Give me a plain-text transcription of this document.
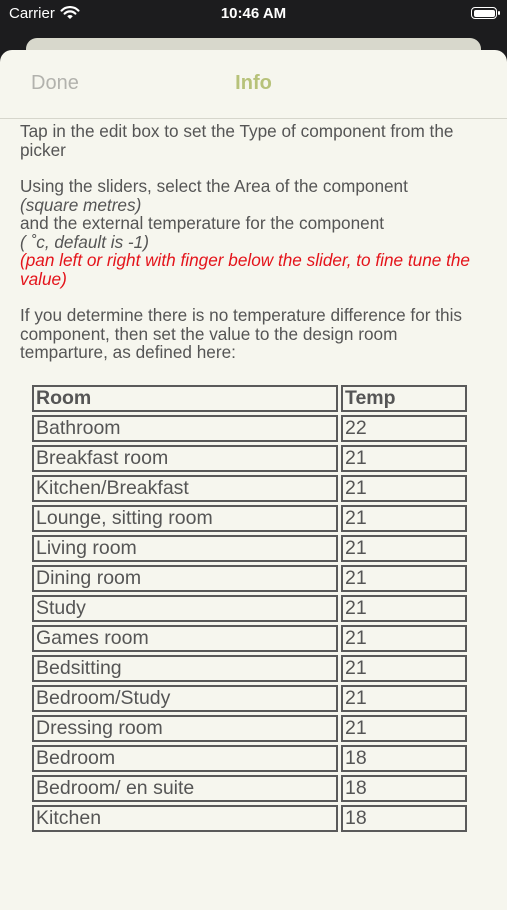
Carrier	10:46 AM
Done	Info
Tap in the edit box to set the Type of component from the picker
Using the sliders, select the Area of the component
(square metres)
and the external temperature for the component
( ˚c, default is -1)
(pan left or right with finger below the slider, to fine tune the value)
If you determine there is no temperature difference for this component, then set the value to the design room temparture, as defined here:
Room	Temp
Bathroom	22
Breakfast room	21
Kitchen/Breakfast	21
Lounge, sitting room	21
Living room	21
Dining room	21
Study	21
Games room	21
Bedsitting	21
Bedroom/Study	21
Dressing room	21
Bedroom	18
Bedroom/ en suite	18
Kitchen	18
